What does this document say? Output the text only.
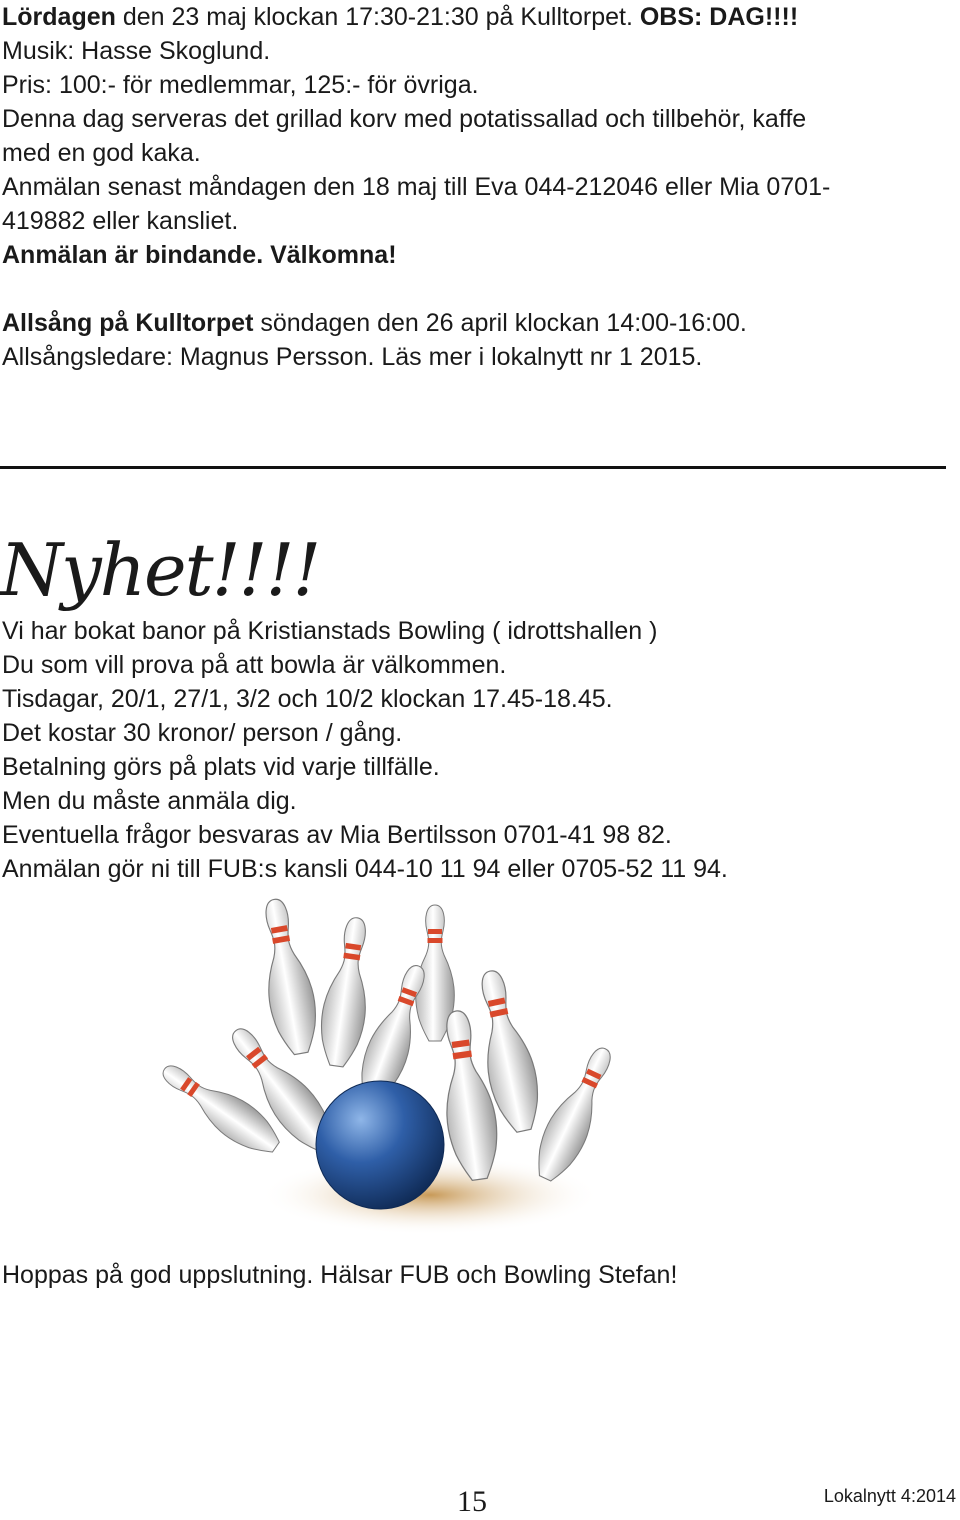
Lördagen den 23 maj klockan 17:30-21:30 på Kulltorpet. OBS: DAG!!!!
Musik: Hasse Skoglund.
Pris: 100:- för medlemmar, 125:- för övriga.
Denna dag serveras det grillad korv med potatissallad och tillbehör, kaffe
med en god kaka.
Anmälan senast måndagen den 18 maj till Eva 044-212046 eller Mia 0701-
419882 eller kansliet.
Anmälan är bindande. Välkomna!
Allsång på Kulltorpet söndagen den 26 april klockan 14:00-16:00.
Allsångsledare: Magnus Persson. Läs mer i lokalnytt nr 1 2015.
Nyhet!!!!
Vi har bokat banor på Kristianstads Bowling ( idrottshallen )
Du som vill prova på att bowla är välkommen.
Tisdagar, 20/1, 27/1, 3/2 och 10/2 klockan 17.45-18.45.
Det kostar 30 kronor/ person / gång.
Betalning görs på plats vid varje tillfälle.
Men du måste anmäla dig.
Eventuella frågor besvaras av Mia Bertilsson 0701-41 98 82.
Anmälan gör ni till FUB:s kansli 044-10 11 94 eller 0705-52 11 94.
Hoppas på god uppslutning. Hälsar FUB och Bowling Stefan!
15	Lokalnytt 4:2014
